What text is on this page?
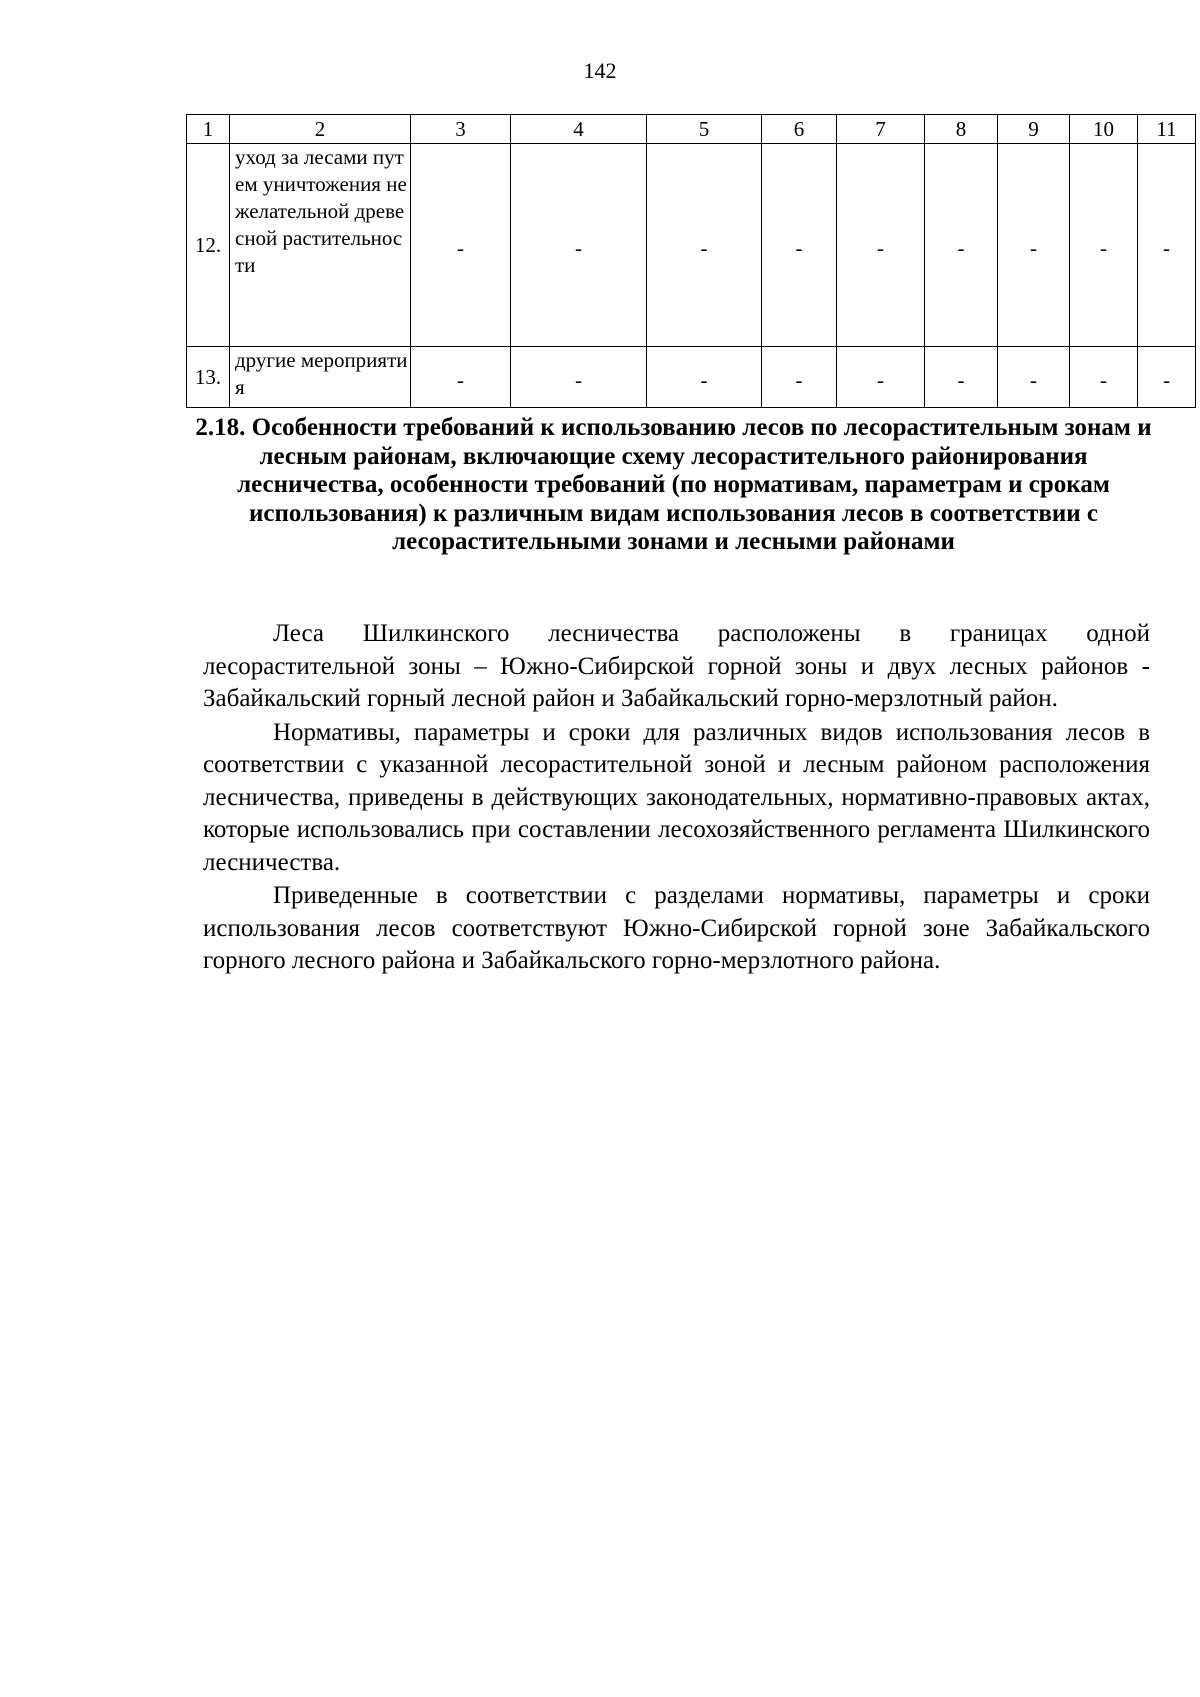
142
1	2	3	4	5	6	7	8	9	10	11
12.	уход за лесами путем уничтожения нежелательной древесной растительности	-	-	-	-	-	-	-	-	-
13.	другие мероприятия	-	-	-	-	-	-	-	-	-
2.18. Особенности требований к использованию лесов по лесорастительным зонам и лесным районам, включающие схему лесорастительного районирования лесничества, особенности требований (по нормативам, параметрам и срокам использования) к различным видам использования лесов в соответствии с лесорастительными зонами и лесными районами

Леса Шилкинского лесничества расположены в границах одной лесорастительной зоны – Южно-Сибирской горной зоны и двух лесных районов - Забайкальский горный лесной район и Забайкальский горно-мерзлотный район.

Нормативы, параметры и сроки для различных видов использования лесов в соответствии с указанной лесорастительной зоной и лесным районом расположения лесничества, приведены в действующих законодательных, нормативно-правовых актах, которые использовались при составлении лесохозяйственного регламента Шилкинского лесничества.

Приведенные в соответствии с разделами нормативы, параметры и сроки использования лесов соответствуют Южно-Сибирской горной зоне Забайкальского горного лесного района и Забайкальского горно-мерзлотного района.
